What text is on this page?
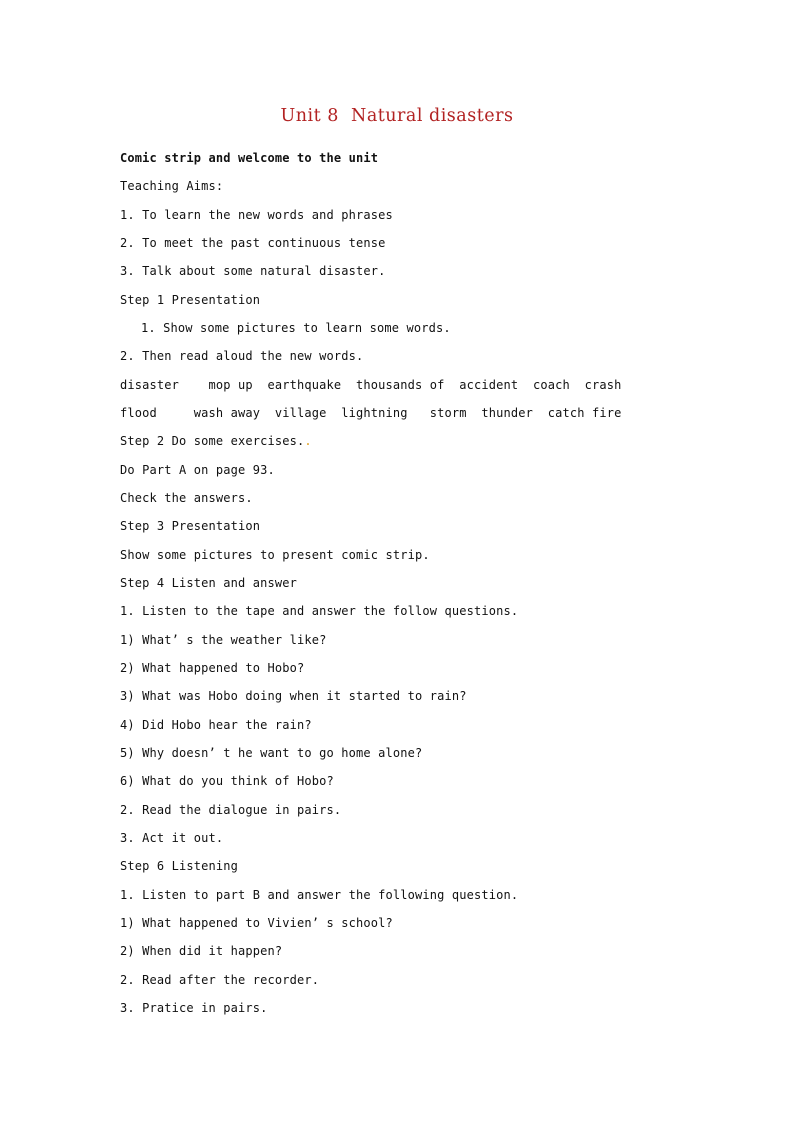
Unit 8  Natural disasters
Comic strip and welcome to the unit
Teaching Aims:
1. To learn the new words and phrases
2. To meet the past continuous tense
3. Talk about some natural disaster.
Step 1 Presentation
1. Show some pictures to learn some words.
2. Then read aloud the new words.
disaster    mop up  earthquake  thousands of  accident  coach  crash
flood     wash away  village  lightning   storm  thunder  catch fire
Step 2 Do some exercises..
Do Part A on page 93.
Check the answers.
Step 3 Presentation
Show some pictures to present comic strip.
Step 4 Listen and answer
1. Listen to the tape and answer the follow questions.
1) What’ s the weather like?
2) What happened to Hobo?
3) What was Hobo doing when it started to rain?
4) Did Hobo hear the rain?
5) Why doesn’ t he want to go home alone?
6) What do you think of Hobo?
2. Read the dialogue in pairs.
3. Act it out.
Step 6 Listening
1. Listen to part B and answer the following question.
1) What happened to Vivien’ s school?
2) When did it happen?
2. Read after the recorder.
3. Pratice in pairs.
